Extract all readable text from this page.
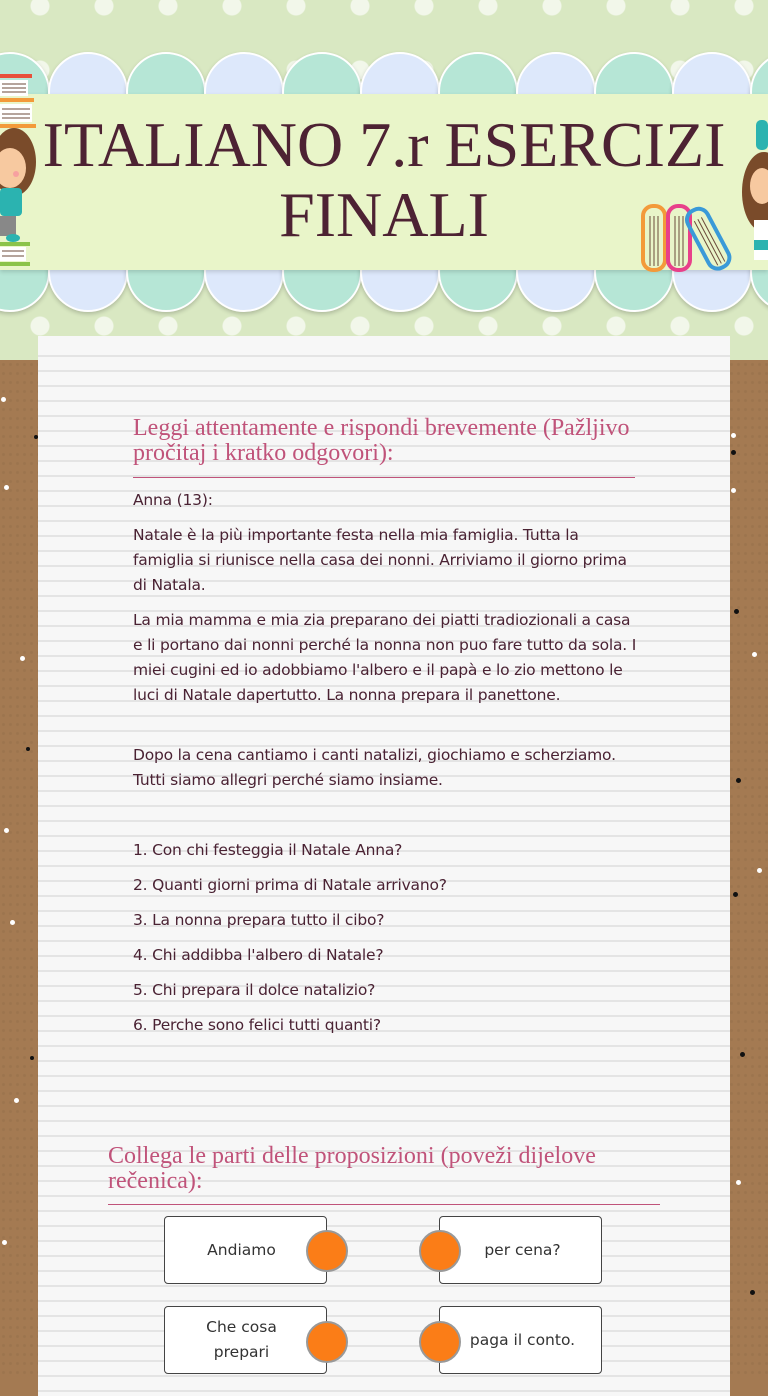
ITALIANO 7.r ESERCIZI
FINALI
Leggi attentamente e rispondi brevemente (Pažljivo pročitaj i kratko odgovori):

Anna (13):

Natale è la più importante festa nella mia famiglia. Tutta la famiglia si riunisce nella casa dei nonni. Arriviamo il giorno prima di Natala.

La mia mamma e mia zia preparano dei piatti tradiozionali a casa e li portano dai nonni perché la nonna non puo fare tutto da sola. I miei cugini ed io adobbiamo l'albero e il papà e lo zio mettono le luci di Natale dapertutto. La nonna prepara il panettone.

Dopo la cena cantiamo i canti natalizi, giochiamo e scherziamo. Tutti siamo allegri perché siamo insiame.

1. Con chi festeggia il Natale Anna?

2. Quanti giorni prima di Natale arrivano?

3. La nonna prepara tutto il cibo?

4. Chi addibba l'albero di Natale?

5. Chi prepara il dolce natalizio?

6. Perche sono felici tutti quanti?

Collega le parti delle proposizioni (poveži dijelove rečenica):
Andiamo	per cena?
Che cosa prepari
paga il conto.
